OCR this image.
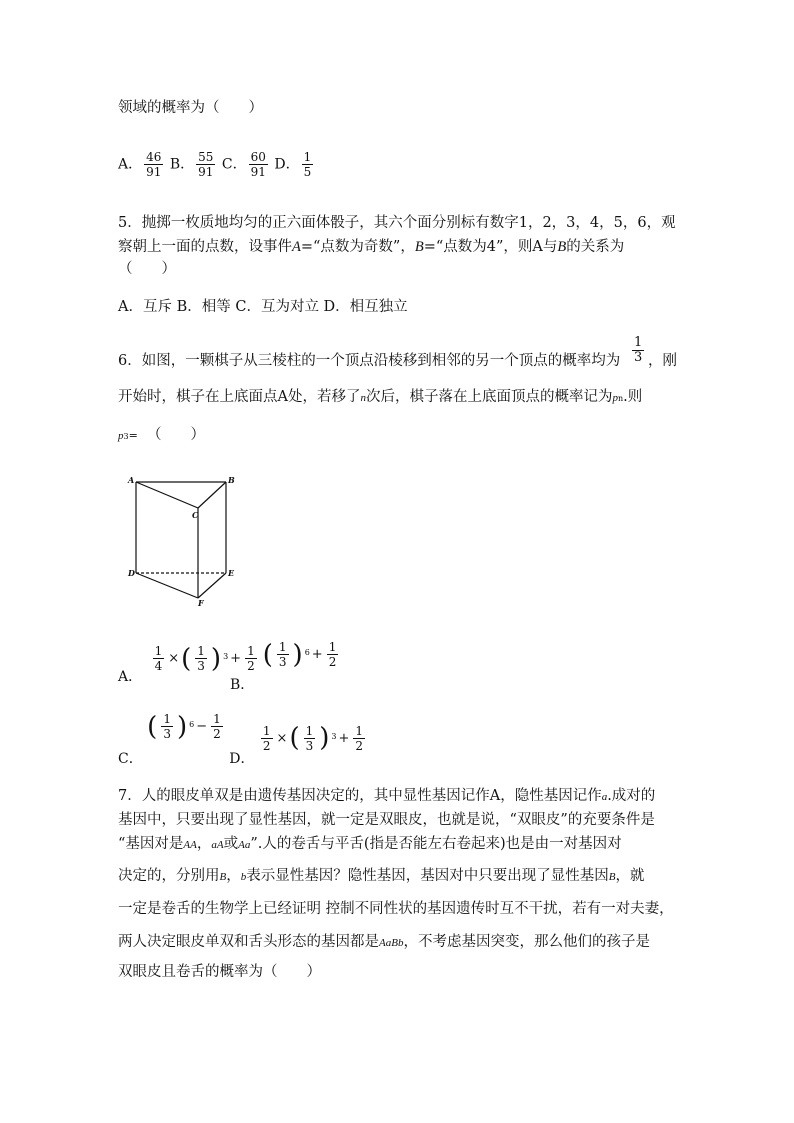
领域的概率为（　　）
A． $\frac{46}{91}$ B． $\frac{55}{91}$ C． $\frac{60}{91}$ D． $\frac{1}{5}$
5．抛掷一枚质地均匀的正六面体骰子，其六个面分别标有数字1，2，3，4，5，6，观
察朝上一面的点数，设事件A=“点数为奇数”，B=“点数为4”，则A与B的关系为
（　　）
A．互斥 B．相等 C．互为对立 D．相互独立
6．如图，一颗棋子从三棱柱的一个顶点沿棱移到相邻的另一个顶点的概率均为 $\frac{1}{3}$ ，刚
开始时，棋子在上底面点A处，若移了n次后，棋子落在上底面顶点的概率记为pn.则
p3= （　　）
A	B
C
D	E
F
A．
$\frac{1}{4}$ × ( $\frac{1}{3}$ ) $3 + \frac{1}{2}$
B．
( $\frac{1}{3}$ ) $6 + \frac{1}{2}$
C．
( $\frac{1}{3}$ ) $6 - \frac{1}{2}$
D．
$\frac{1}{2}$ × ( $\frac{1}{3}$ ) $3 + \frac{1}{2}$
7．人的眼皮单双是由遗传基因决定的，其中显性基因记作A，隐性基因记作a.成对的
基因中，只要出现了显性基因，就一定是双眼皮，也就是说，“双眼皮”的充要条件是
“基因对是AA，aA或Aa”.人的卷舌与平舌(指是否能左右卷起来)也是由一对基因对
决定的，分别用B，b表示显性基因？隐性基因，基因对中只要出现了显性基因B，就
一定是卷舌的生物学上已经证明 控制不同性状的基因遗传时互不干扰，若有一对夫妻，
两人决定眼皮单双和舌头形态的基因都是AaBb，不考虑基因突变，那么他们的孩子是
双眼皮且卷舌的概率为（　　）
